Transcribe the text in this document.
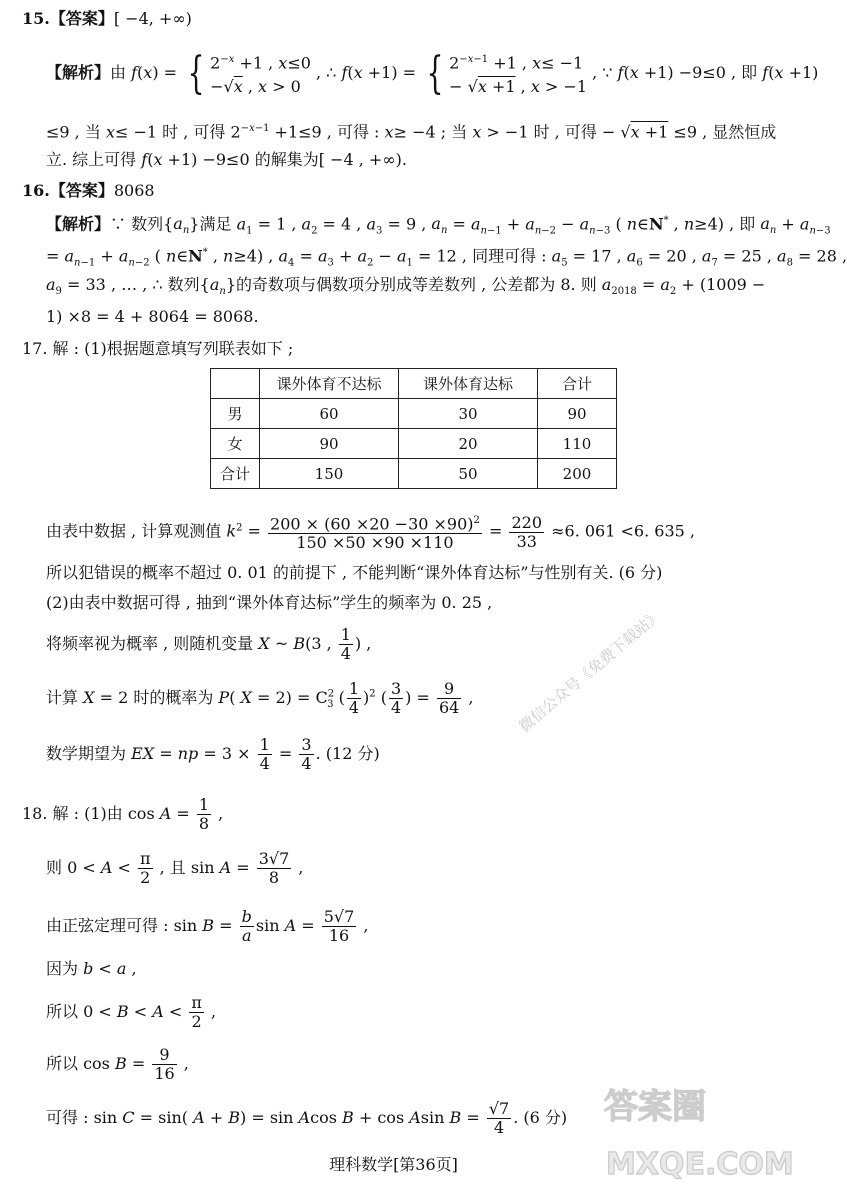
15.【答案】[ −4, +∞)
【解析】由 f(x) = { $2^{-x} +1$ , x≤0
−√x , x > 0 , ∴ f(x +1) = { $2^{-x-1} +1$ , x≤ −1
− √x +1 , x > −1 , ∵ f(x +1) −9≤0 , 即 f(x +1)
≤9 , 当 x≤ −1 时 , 可得 $2^{-x-1} +1\le 9$ , 可得 : x≥ −4 ; 当 x > −1 时 , 可得 − √x +1 ≤9 , 显然恒成
立. 综上可得 f(x +1) −9≤0 的解集为[ −4 , +∞).
16.【答案】8068
【解析】∵ 数列$\{a_n\}$满足 $a_1 = 1$ , $a_2 = 4$ , $a_3 = 9$ , $a_n = a_{n-1} + a_{n-2} - a_{n-3}$ ( n∈N* , n≥4) , 即 $a_n + a_{n-3}$
= $a_{n-1} + a_{n-2}$ ( n∈N* , n≥4) , $a_4 = a_3 + a_2 - a_1 = 12$ , 同理可得 : $a_5 = 17$ , $a_6 = 20$ , $a_7 = 25$ , $a_8 = 28$ ,
$a_9 = 33$ , … , ∴ 数列$\{a_n\}$的奇数项与偶数项分别成等差数列 , 公差都为 8. 则 $a_{2018} = a_2 + (1009$ −
1) ×8 = 4 + 8064 = 8068.
17. 解 : (1)根据题意填写列联表如下 ;
	课外体育不达标	课外体育达标	合计
男	60	30	90
女	90	20	110
合计	150	50	200
由表中数据 , 计算观测值 $k^2 = \frac{200 \times (60 \times 20 -30 \times 90)^2}{150 \times 50 \times 90 \times 110} = \frac{220}{33} \approx 6$. 061 <6. 635 ,
所以犯错误的概率不超过 0. 01 的前提下 , 不能判断“课外体育达标”与性别有关. (6 分)
(2)由表中数据可得 , 抽到“课外体育达标”学生的频率为 0. 25 ,
将频率视为概率 , 则随机变量 X ~ B(3 , $\frac{1}{4}$ ) ,
计算 X = 2 时的概率为 P( $X = 2) = C^2_3$ ( $\frac{1}{4} )^2$ ( $\frac{3}{4}$ ) = $\frac{9}{64}$ ,
数学期望为 EX = np = $3 \times \frac{1}{4} = \frac{3}{4}$ . (12 分)
微信公众号《免费下载站》
18. 解 : (1)由 $\cos A = \frac{1}{8}$ ,
则 $0 < A < \frac{\pi}{2}$ , 且 $\sin A = \frac{3√7}{8}$ ,
由正弦定理可得 : $\sin B = \frac{b}{a}$ $\sin A = \frac{5√7}{16}$ ,
因为 b < a ,
所以 $0 < B < A < \frac{\pi}{2}$ ,
所以 $\cos B = \frac{9}{16}$ ,
可得 : sin C = sin( A + B) = sin Acos B + cos Asin $B = \frac{√7}{4}$ . (6 分) 答案圈
MXQE.COM
理科数学[第36页]
